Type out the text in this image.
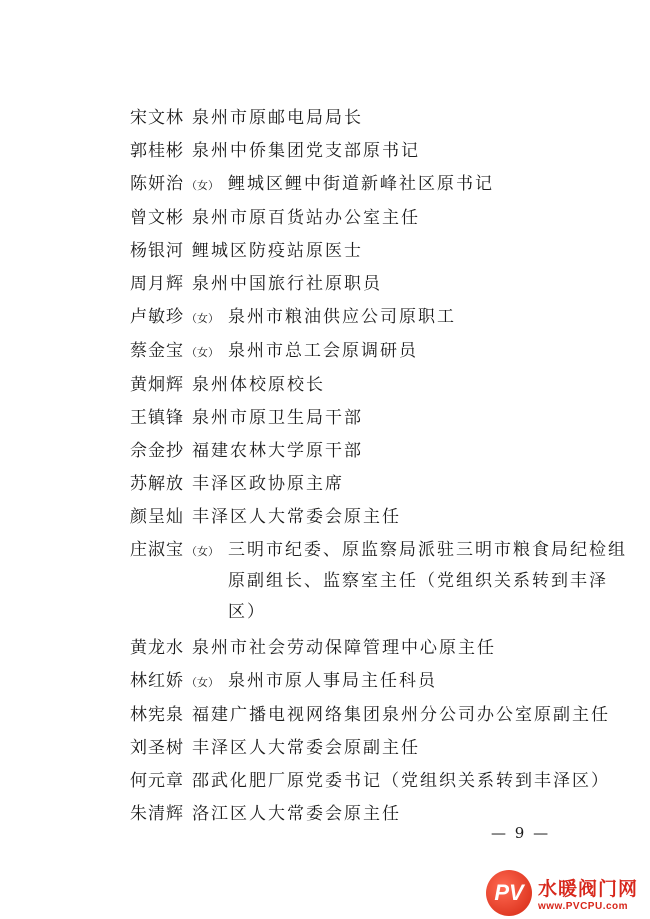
宋文林 泉州市原邮电局局长
郭桂彬 泉州中侨集团党支部原书记
陈妍治 （女） 鲤城区鲤中街道新峰社区原书记
曾文彬 泉州市原百货站办公室主任
杨银河 鲤城区防疫站原医士
周月辉 泉州中国旅行社原职员
卢敏珍 （女） 泉州市粮油供应公司原职工
蔡金宝 （女） 泉州市总工会原调研员
黄炯辉 泉州体校原校长
王镇锋 泉州市原卫生局干部
佘金抄 福建农林大学原干部
苏解放 丰泽区政协原主席
颜呈灿 丰泽区人大常委会原主任
庄淑宝 （女） 三明市纪委、原监察局派驻三明市粮食局纪检组原副组长、监察室主任（党组织关系转到丰泽区）
黄龙水 泉州市社会劳动保障管理中心原主任
林红娇 （女） 泉州市原人事局主任科员
林宪泉 福建广播电视网络集团泉州分公司办公室原副主任
刘圣树 丰泽区人大常委会原副主任
何元章 邵武化肥厂原党委书记（党组织关系转到丰泽区）
朱清辉 洛江区人大常委会原主任
— 9 —
PV 水暖阀门网
www.PVCPU.com
